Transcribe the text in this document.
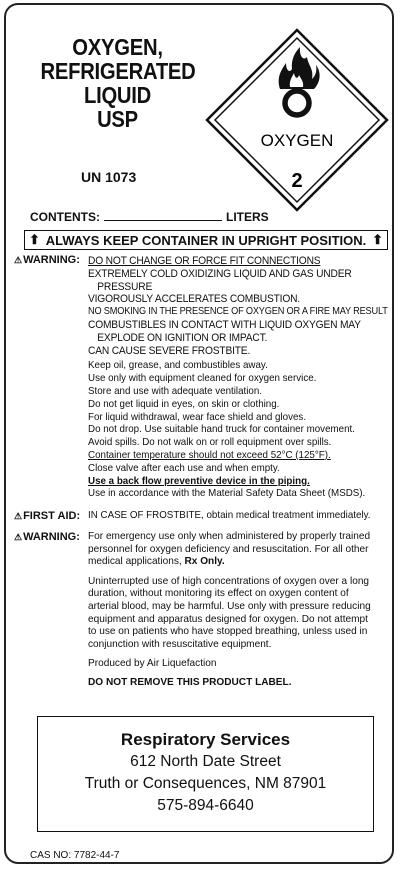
OXYGEN,
REFRIGERATED
LIQUID
USP
UN 1073
OXYGEN
2
CONTENTS:	LITERS
⬆ ALWAYS KEEP CONTAINER IN UPRIGHT POSITION. ⬆
⚠WARNING: DO NOT CHANGE OR FORCE FIT CONNECTIONS
EXTREMELY COLD OXIDIZING LIQUID AND GAS UNDER
PRESSURE
VIGOROUSLY ACCELERATES COMBUSTION.
NO SMOKING IN THE PRESENCE OF OXYGEN OR A FIRE MAY RESULT
COMBUSTIBLES IN CONTACT WITH LIQUID OXYGEN MAY
EXPLODE ON IGNITION OR IMPACT.
CAN CAUSE SEVERE FROSTBITE.
Keep oil, grease, and combustibles away.
Use only with equipment cleaned for oxygen service.
Store and use with adequate ventilation.
Do not get liquid in eyes, on skin or clothing.
For liquid withdrawal, wear face shield and gloves.
Do not drop. Use suitable hand truck for container movement.
Avoid spills. Do not walk on or roll equipment over spills.
Container temperature should not exceed 52°C (125°F).
Close valve after each use and when empty.
Use a back flow preventive device in the piping.
Use in accordance with the Material Safety Data Sheet (MSDS).
⚠FIRST AID: IN CASE OF FROSTBITE, obtain medical treatment immediately.
⚠WARNING: For emergency use only when administered by properly trained
personnel for oxygen deficiency and resuscitation. For all other
medical applications, Rx Only.
Uninterrupted use of high concentrations of oxygen over a long
duration, without monitoring its effect on oxygen content of
arterial blood, may be harmful. Use only with pressure reducing
equipment and apparatus designed for oxygen. Do not attempt
to use on patients who have stopped breathing, unless used in
conjunction with resuscitative equipment.
Produced by Air Liquefaction
DO NOT REMOVE THIS PRODUCT LABEL.
Respiratory Services
612 North Date Street
Truth or Consequences, NM 87901
575-894-6640
CAS NO: 7782-44-7
